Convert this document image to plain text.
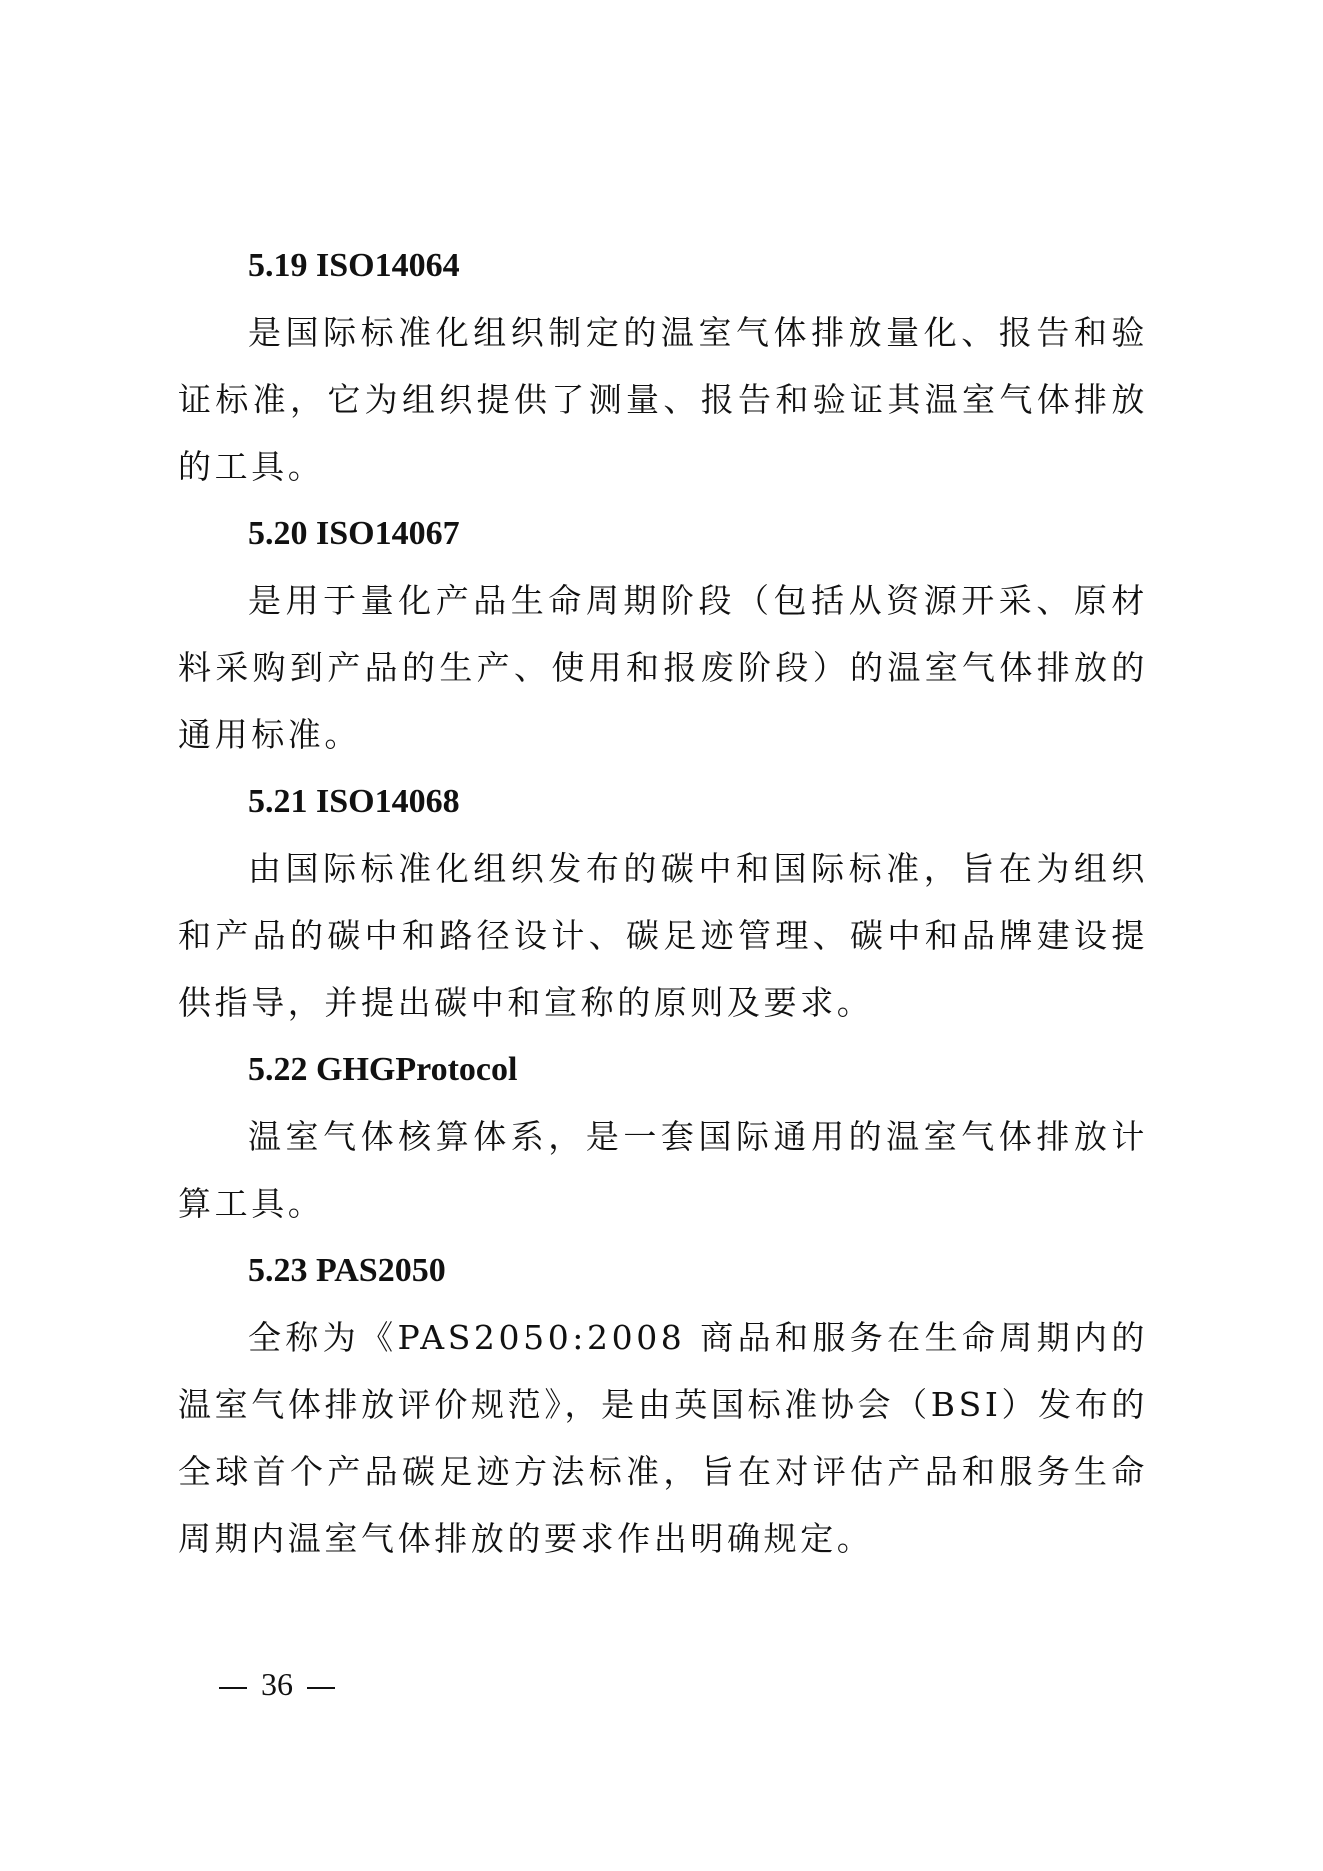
5.19 ISO14064

是国际标准化组织制定的温室气体排放量化、报告和验证标准，它为组织提供了测量、报告和验证其温室气体排放的工具。

5.20 ISO14067

是用于量化产品生命周期阶段（包括从资源开采、原材料采购到产品的生产、使用和报废阶段）的温室气体排放的通用标准。

5.21 ISO14068

由国际标准化组织发布的碳中和国际标准，旨在为组织和产品的碳中和路径设计、碳足迹管理、碳中和品牌建设提供指导，并提出碳中和宣称的原则及要求。

5.22 GHGProtocol

温室气体核算体系，是一套国际通用的温室气体排放计算工具。

5.23 PAS2050

全称为《PAS2050:2008 商品和服务在生命周期内的温室气体排放评价规范》，是由英国标准协会（BSI）发布的全球首个产品碳足迹方法标准，旨在对评估产品和服务生命周期内温室气体排放的要求作出明确规定。

36
